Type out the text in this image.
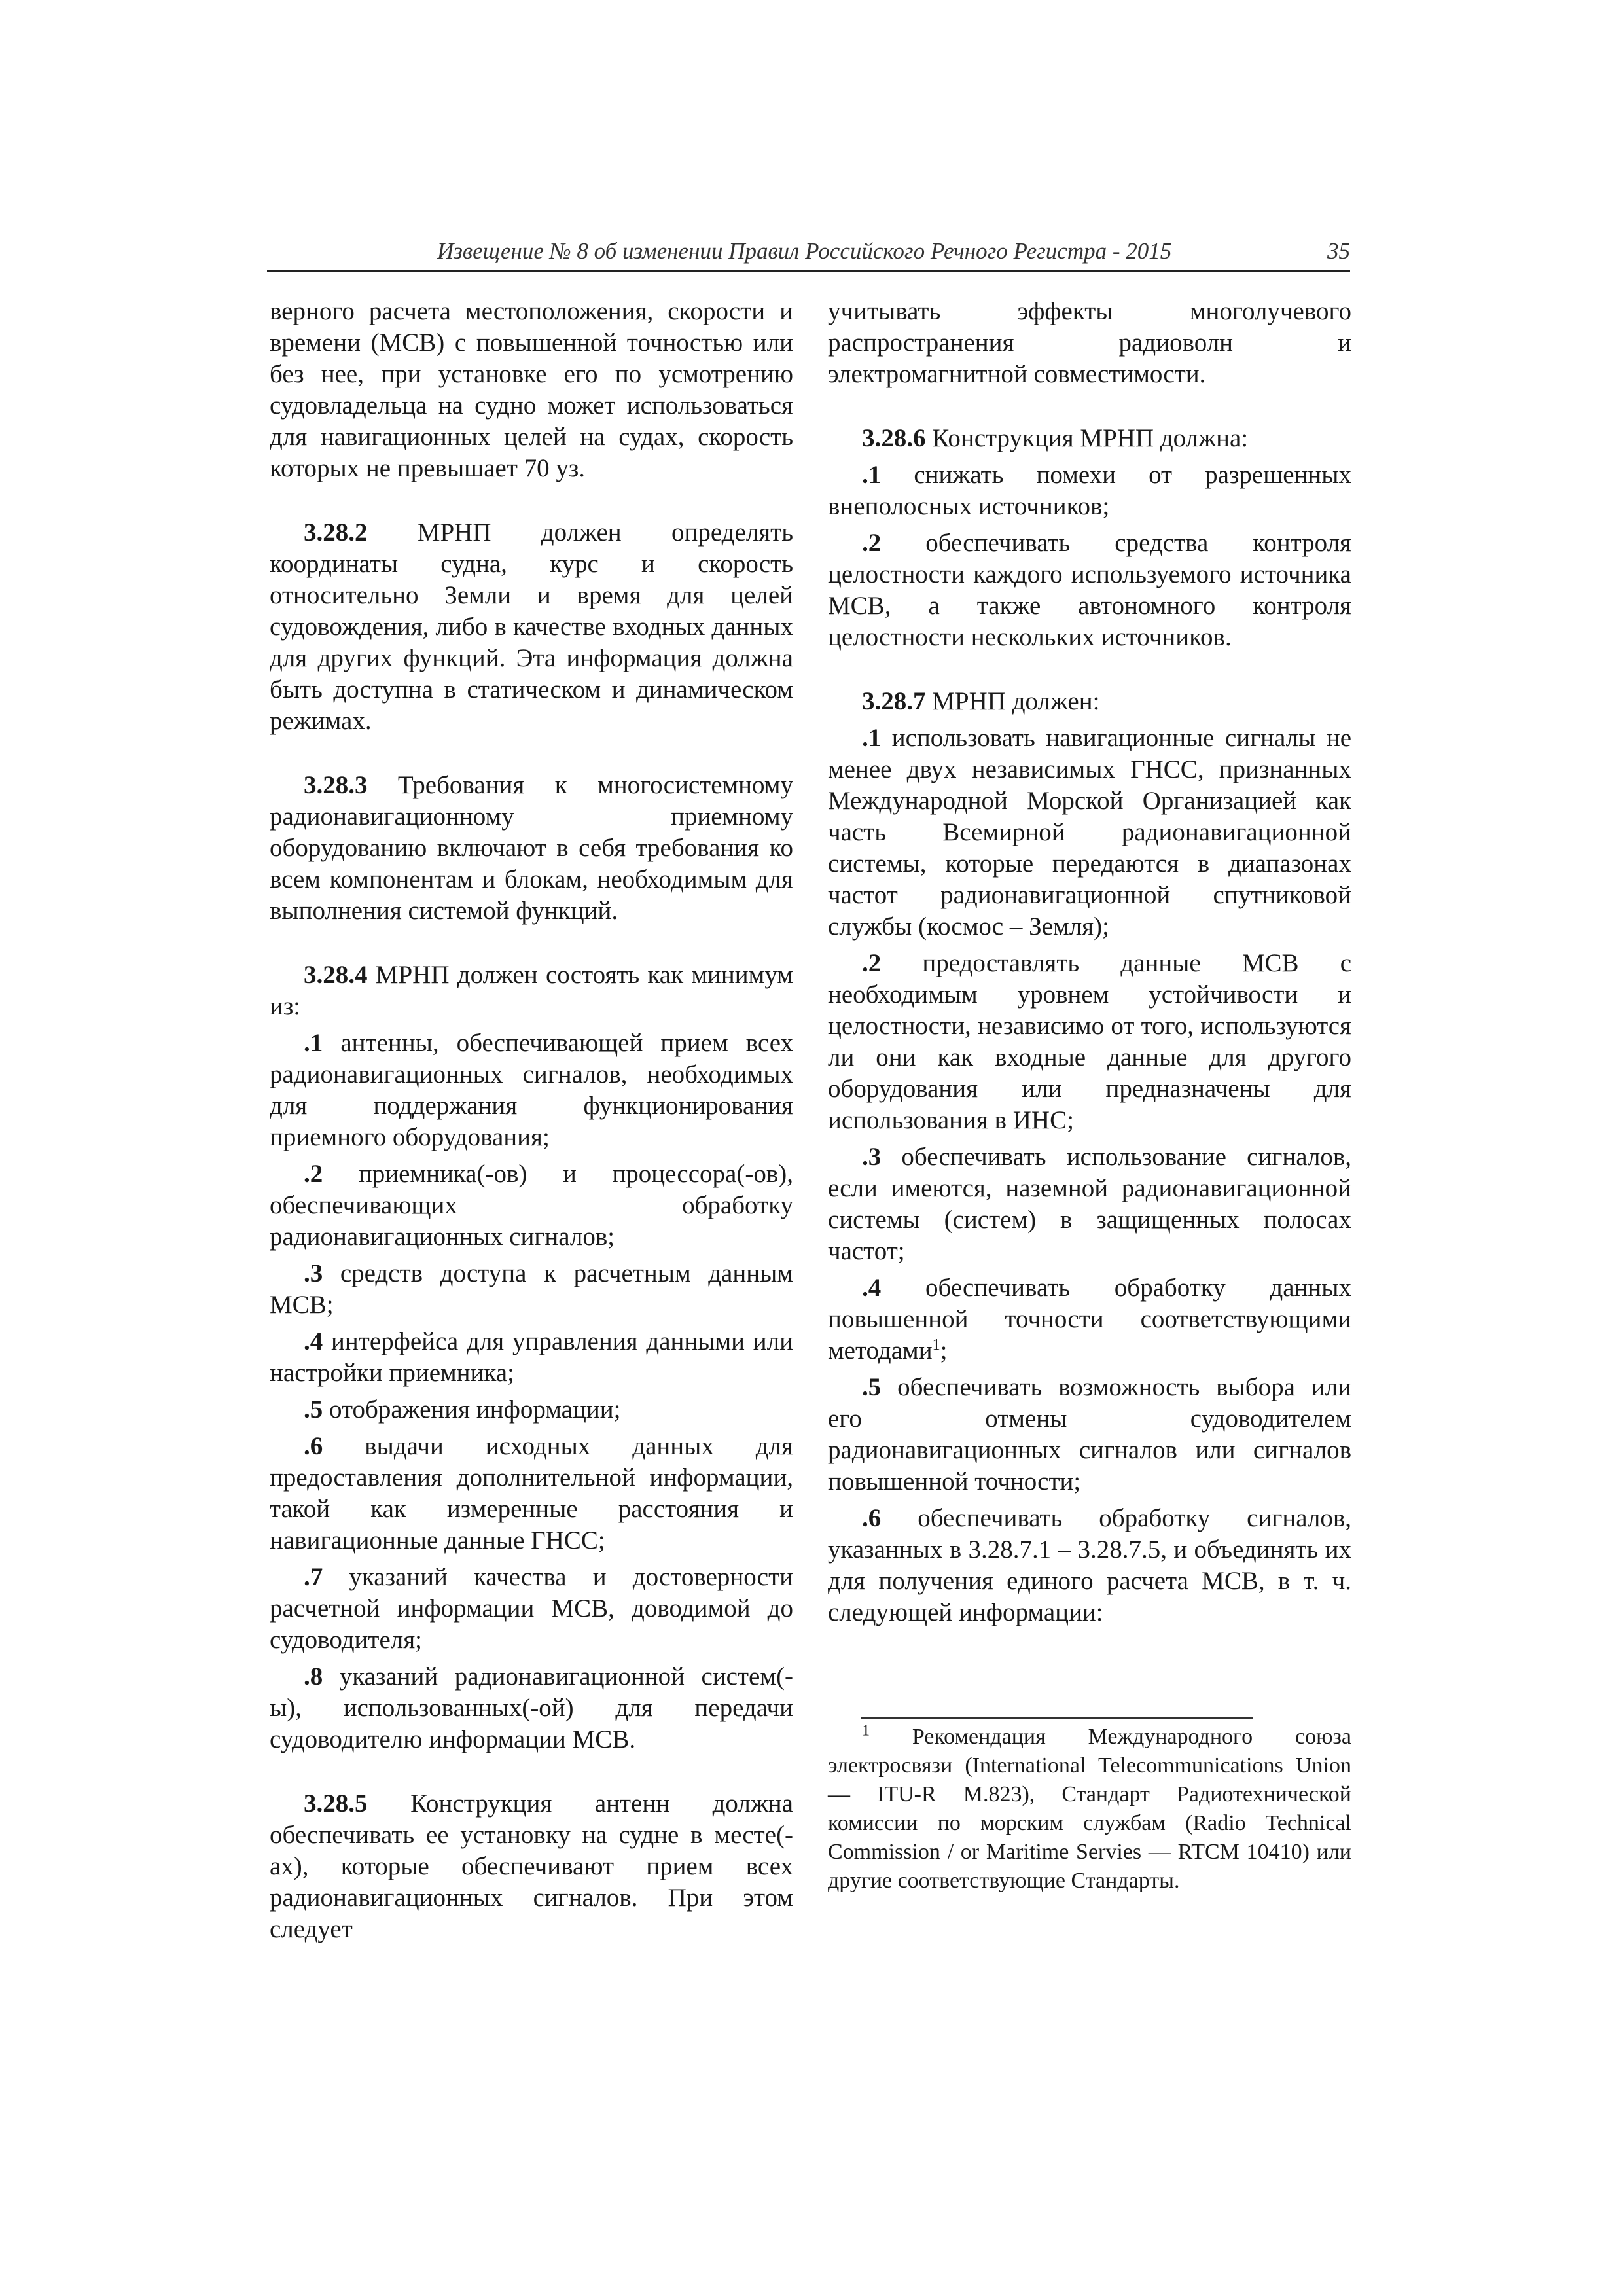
Извещение № 8 об изменении Правил Российского Речного Регистра - 2015	35

верного расчета местоположения, скорости и времени (МСВ) с повышенной точностью или без нее, при установке его по усмотрению судовладельца на судно может использоваться для навигационных целей на судах, скорость которых не превышает 70 уз.

3.28.2 МРНП должен определять координаты судна, курс и скорость относительно Земли и время для целей судовождения, либо в качестве входных данных для других функций. Эта информация должна быть доступна в статическом и динамическом режимах.

3.28.3 Требования к многосистемному радионавигационному приемному оборудованию включают в себя требования ко всем компонентам и блокам, необходимым для выполнения системой функций.

3.28.4 МРНП должен состоять как минимум из:

.1 антенны, обеспечивающей прием всех радионавигационных сигналов, необходимых для поддержания функционирования приемного оборудования;

.2 приемника(-ов) и процессора(-ов), обеспечивающих обработку радионавигационных сигналов;

.3 средств доступа к расчетным данным МСВ;

.4 интерфейса для управления данными или настройки приемника;

.5 отображения информации;

.6 выдачи исходных данных для предоставления дополнительной информации, такой как измеренные расстояния и навигационные данные ГНСС;

.7 указаний качества и достоверности расчетной информации МСВ, доводимой до судоводителя;

.8 указаний радионавигационной систем(-ы), использованных(-ой) для передачи судоводителю информации МСВ.

3.28.5 Конструкция антенн должна обеспечивать ее установку на судне в месте(-ах), которые обеспечивают прием всех радионавигационных сигналов. При этом следует

учитывать эффекты многолучевого распространения радиоволн и электромагнитной совместимости.

3.28.6 Конструкция МРНП должна:

.1 снижать помехи от разрешенных внеполосных источников;

.2 обеспечивать средства контроля целостности каждого используемого источника МСВ, а также автономного контроля целостности нескольких источников.

3.28.7 МРНП должен:

.1 использовать навигационные сигналы не менее двух независимых ГНСС, признанных Международной Морской Организацией как часть Всемирной радионавигационной системы, которые передаются в диапазонах частот радионавигационной спутниковой службы (космос – Земля);

.2 предоставлять данные МСВ с необходимым уровнем устойчивости и целостности, независимо от того, используются ли они как входные данные для другого оборудования или предназначены для использования в ИНС;

.3 обеспечивать использование сигналов, если имеются, наземной радионавигационной системы (систем) в защищенных полосах частот;

.4 обеспечивать обработку данных повышенной точности соответствующими методами$^1$;

.5 обеспечивать возможность выбора или его отмены судоводителем радионавигационных сигналов или сигналов повышенной точности;

.6 обеспечивать обработку сигналов, указанных в 3.28.7.1 – 3.28.7.5, и объединять их для получения единого расчета МСВ, в т. ч. следующей информации:

$^1$ Рекомендация Международного союза электросвязи (International Telecommunications Union — ITU-R M.823), Стандарт Радиотехнической комиссии по морским службам (Radio Technical Commission / or Maritime Servies — RTCM 10410) или другие соответствующие Стандарты.
